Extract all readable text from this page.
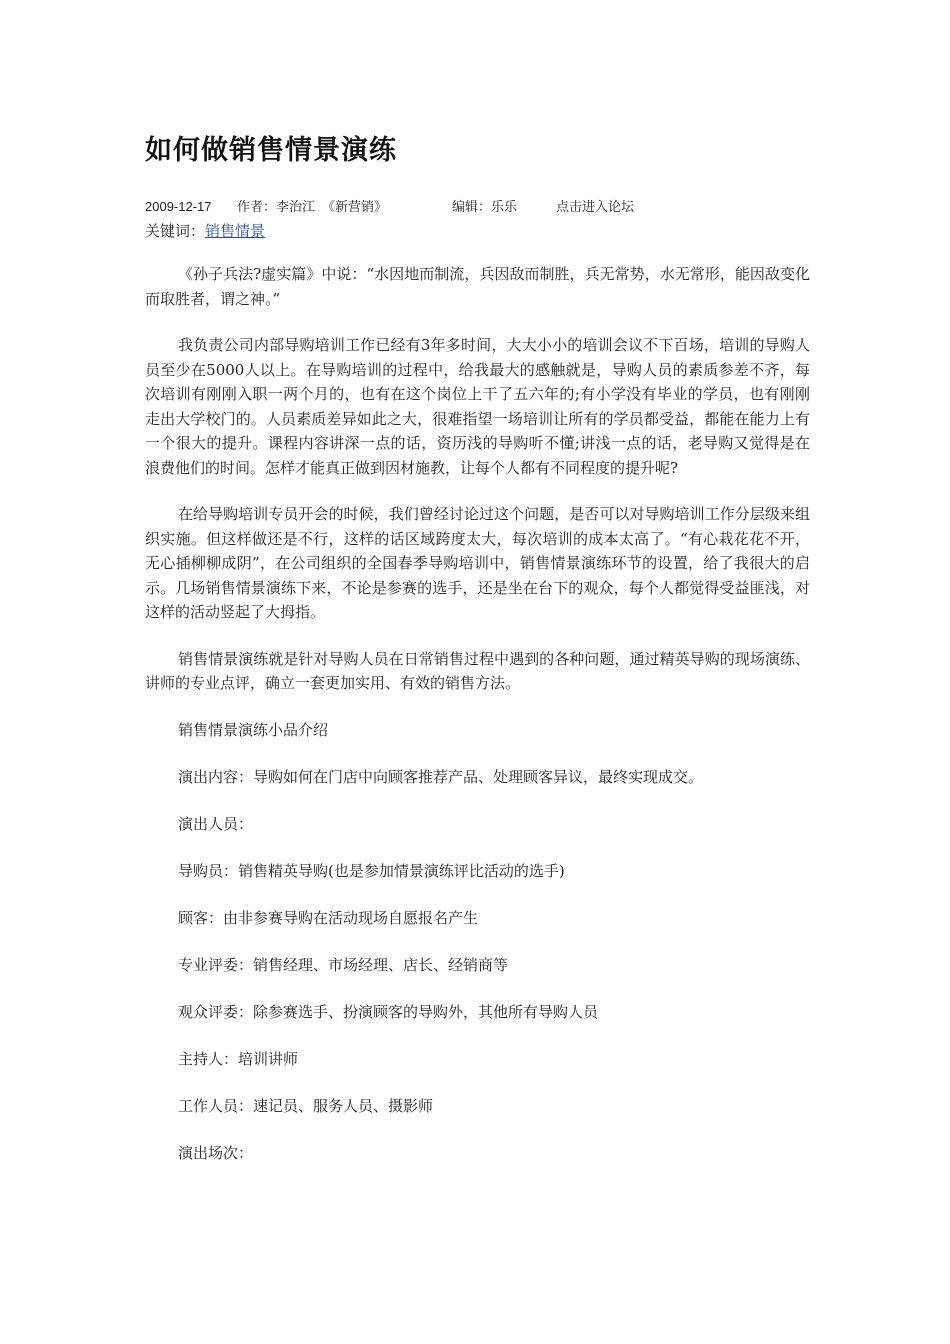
如何做销售情景演练
2009-12-17 作者：李治江 《新营销》	编辑：乐乐	点击进入论坛
关键词：销售情景

《孙子兵法?虚实篇》中说：“水因地而制流，兵因敌而制胜，兵无常势，水无常形，能因敌变化而取胜者，谓之神。”

我负责公司内部导购培训工作已经有3年多时间，大大小小的培训会议不下百场，培训的导购人员至少在5000人以上。在导购培训的过程中，给我最大的感触就是，导购人员的素质参差不齐，每次培训有刚刚入职一两个月的，也有在这个岗位上干了五六年的;有小学没有毕业的学员，也有刚刚走出大学校门的。人员素质差异如此之大，很难指望一场培训让所有的学员都受益，都能在能力上有一个很大的提升。课程内容讲深一点的话，资历浅的导购听不懂;讲浅一点的话，老导购又觉得是在浪费他们的时间。怎样才能真正做到因材施教，让每个人都有不同程度的提升呢?

在给导购培训专员开会的时候，我们曾经讨论过这个问题，是否可以对导购培训工作分层级来组织实施。但这样做还是不行，这样的话区域跨度太大，每次培训的成本太高了。“有心栽花花不开，无心插柳柳成阴”，在公司组织的全国春季导购培训中，销售情景演练环节的设置，给了我很大的启示。几场销售情景演练下来，不论是参赛的选手，还是坐在台下的观众，每个人都觉得受益匪浅，对这样的活动竖起了大拇指。

销售情景演练就是针对导购人员在日常销售过程中遇到的各种问题，通过精英导购的现场演练、讲师的专业点评，确立一套更加实用、有效的销售方法。

销售情景演练小品介绍

演出内容：导购如何在门店中向顾客推荐产品、处理顾客异议，最终实现成交。

演出人员：

导购员：销售精英导购(也是参加情景演练评比活动的选手)

顾客：由非参赛导购在活动现场自愿报名产生

专业评委：销售经理、市场经理、店长、经销商等

观众评委：除参赛选手、扮演顾客的导购外，其他所有导购人员

主持人：培训讲师

工作人员：速记员、服务人员、摄影师

演出场次：
